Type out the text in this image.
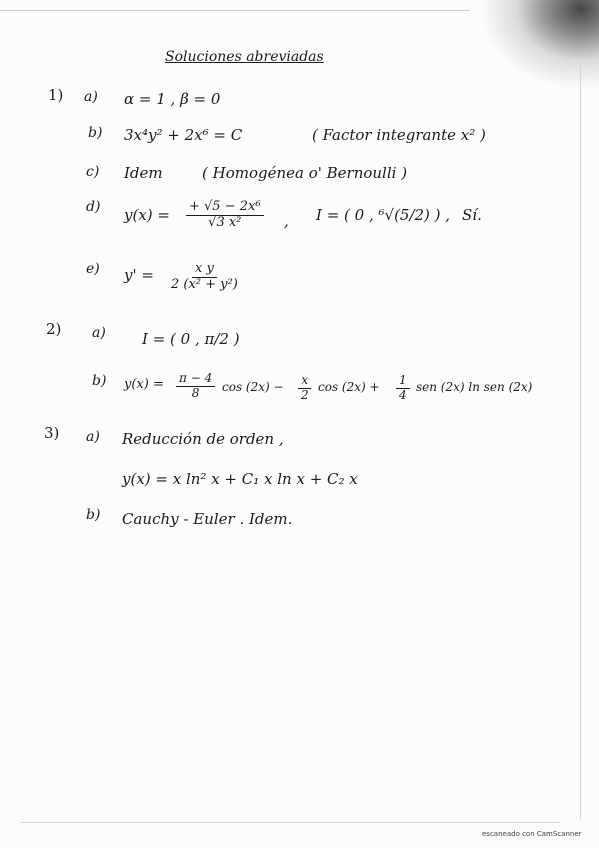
Soluciones abreviadas
1) a) α = 1 , β = 0
b) 3x⁴y² + 2x⁶ = C	( Factor integrante x² )
c) Idem	( Homogénea o' Bernoulli )
d) $y(x) = \frac{\text{+ √5 − 2x⁶}}{\text{√3 x²}}$ , I = ( 0 , ⁶√(5/2) ) , Sí.
e) $y' = \frac{\text{x y}}{\text{2 (x² + y²)}}$
2) a) I = ( 0 , π/2 )
b) $y(x) = \frac{\pi - 4}{8}$ $\cos (2x) - \frac{x}{2}$ $\cos (2x) + \frac{1}{4}$ sen (2x) ln sen (2x)
3) a) Reducción de orden ,
y(x) = x ln² x + C₁ x ln x + C₂ x
b) Cauchy - Euler . Idem.
escaneado con CamScanner
